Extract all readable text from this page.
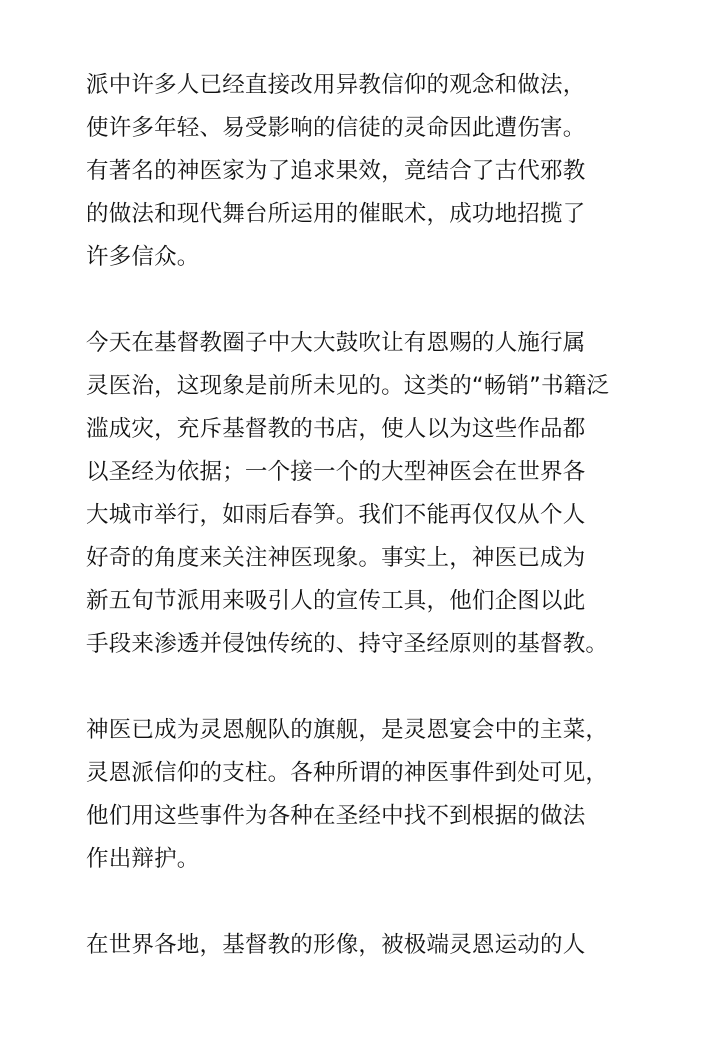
派中许多人已经直接改用异教信仰的观念和做法，
使许多年轻、易受影响的信徒的灵命因此遭伤害。
有著名的神医家为了追求果效，竟结合了古代邪教
的做法和现代舞台所运用的催眠术，成功地招揽了
许多信众。

今天在基督教圈子中大大鼓吹让有恩赐的人施行属
灵医治，这现象是前所未见的。这类的“畅销”书籍泛
滥成灾，充斥基督教的书店，使人以为这些作品都
以圣经为依据；一个接一个的大型神医会在世界各
大城市举行，如雨后春笋。我们不能再仅仅从个人
好奇的角度来关注神医现象。事实上，神医已成为
新五旬节派用来吸引人的宣传工具，他们企图以此
手段来渗透并侵蚀传统的、持守圣经原则的基督教。

神医已成为灵恩舰队的旗舰，是灵恩宴会中的主菜，
灵恩派信仰的支柱。各种所谓的神医事件到处可见，
他们用这些事件为各种在圣经中找不到根据的做法
作出辩护。

在世界各地，基督教的形像，被极端灵恩运动的人
